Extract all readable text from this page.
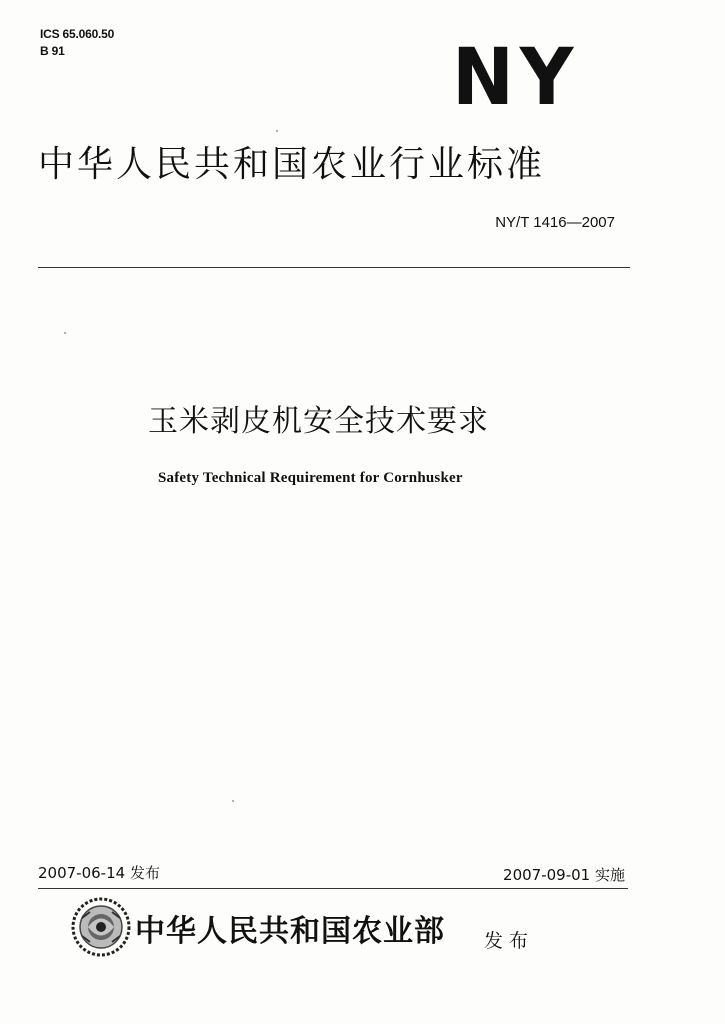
ICS 65.060.50
B 91	NY
中华人民共和国农业行业标准
NY/T 1416—2007
玉米剥皮机安全技术要求
Safety Technical Requirement for Cornhusker
2007-06-14 发布	2007-09-01 实施
中华人民共和国农业部 发布
